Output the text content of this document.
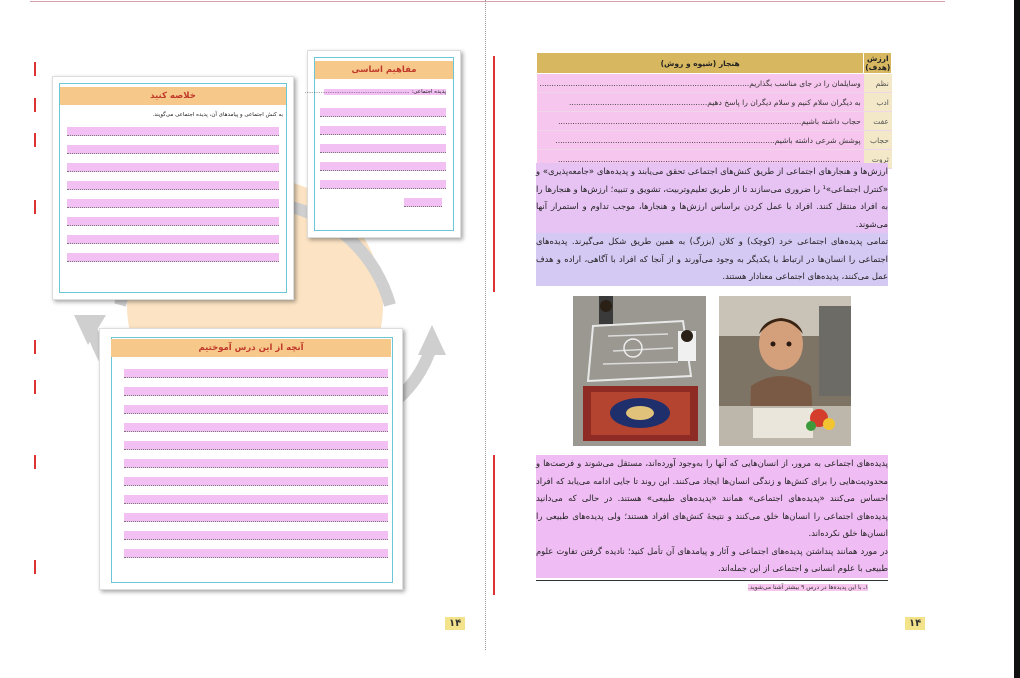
ارزش (هدف)	هنجار (شیوه و روش)
نظم	وسایلمان را در جای مناسب بگذاریم........................................................................................
ادب	به دیگران سلام کنیم و سلام دیگران را پاسخ دهیم..........................................................
عفت	حجاب داشته باشیم......................................................................................................
حجاب	پوشش شرعی داشته باشیم............................................................................................
ثروت	...............................................................................................................................

ارزش‌ها و هنجارهای اجتماعی از طریق کنش‌های اجتماعی تحقق می‌یابند و پدیده‌های «جامعه‌پذیری» و «کنترل اجتماعی»¹ را ضروری می‌سازند تا از طریق تعلیم‌وتربیت، تشویق و تنبیه؛ ارزش‌ها و هنجارها را به افراد منتقل کنند. افراد با عمل کردن براساس ارزش‌ها و هنجارها، موجب تداوم و استمرار آنها می‌شوند.

تمامی پدیده‌های اجتماعی خرد (کوچک) و کلان (بزرگ) به همین طریق شکل می‌گیرند. پدیده‌های اجتماعی را انسان‌ها در ارتباط با یکدیگر به وجود می‌آورند و از آنجا که افراد با آگاهی، اراده و هدف عمل می‌کنند، پدیده‌های اجتماعی معنادار هستند.

پدیده‌های اجتماعی به مرور، از انسان‌هایی که آنها را به‌وجود آورده‌اند، مستقل می‌شوند و فرصت‌ها و محدودیت‌هایی را برای کنش‌ها و زندگی انسان‌ها ایجاد می‌کنند. این روند تا جایی ادامه می‌یابد که افراد احساس می‌کنند «پدیده‌های اجتماعی» همانند «پدیده‌های طبیعی» هستند. در حالی که می‌دانید پدیده‌های اجتماعی را انسان‌ها خلق می‌کنند و نتیجهٔ کنش‌های افراد هستند؛ ولی پدیده‌های طبیعی را انسان‌ها خلق نکرده‌اند.

در مورد همانند پنداشتن پدیده‌های اجتماعی و آثار و پیامدهای آن تأمل کنید؛ نادیده گرفتن تفاوت علوم طبیعی با علوم انسانی و اجتماعی از این جمله‌اند.

۱ـ با این پدیده‌ها در درس ۹ بیشتر آشنا می‌شوید.
۱۴
مفاهیم اساسی
پدیده اجتماعی: ............................................................
خلاصه کنید
به کنش اجتماعی و پیامدهای آن، پدیده اجتماعی می‌گویند.
آنچه از این درس آموختیم
۱۴
